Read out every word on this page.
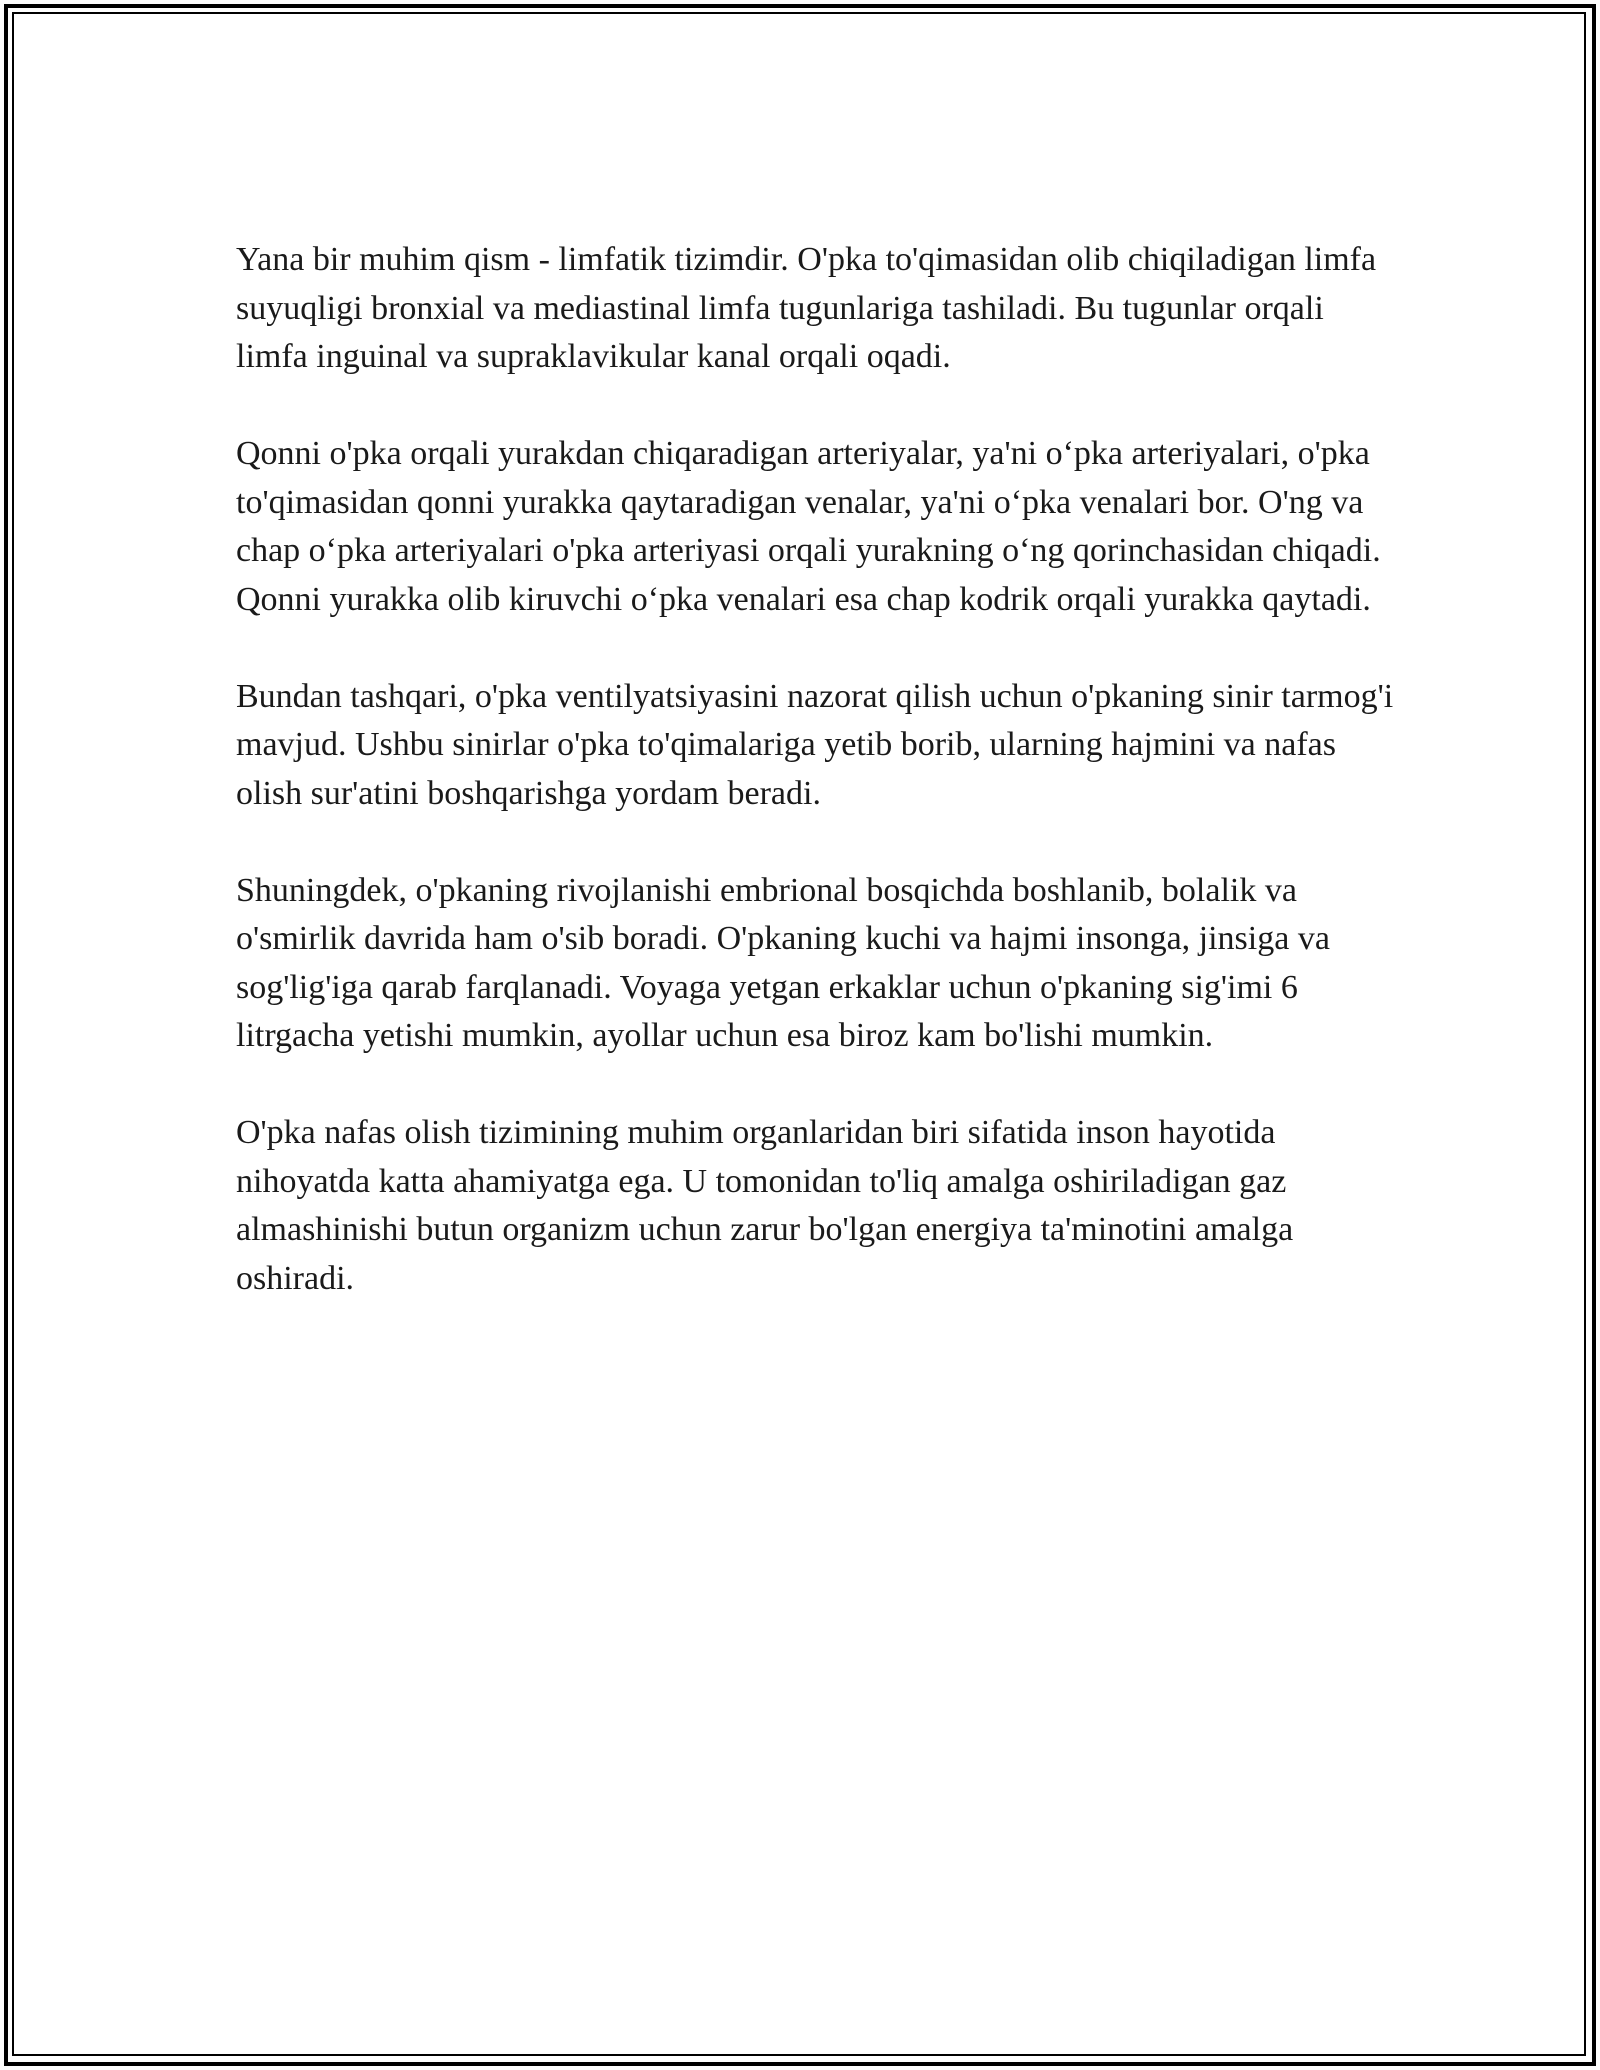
Yana bir muhim qism - limfatik tizimdir. O'pka to'qimasidan olib chiqiladigan limfa suyuqligi bronxial va mediastinal limfa tugunlariga tashiladi. Bu tugunlar orqali limfa inguinal va supraklavikular kanal orqali oqadi.

Qonni o'pka orqali yurakdan chiqaradigan arteriyalar, ya'ni o‘pka arteriyalari, o'pka to'qimasidan qonni yurakka qaytaradigan venalar, ya'ni o‘pka venalari bor. O'ng va chap o‘pka arteriyalari o'pka arteriyasi orqali yurakning o‘ng qorinchasidan chiqadi. Qonni yurakka olib kiruvchi o‘pka venalari esa chap kodrik orqali yurakka qaytadi.

Bundan tashqari, o'pka ventilyatsiyasini nazorat qilish uchun o'pkaning sinir tarmog'i mavjud. Ushbu sinirlar o'pka to'qimalariga yetib borib, ularning hajmini va nafas olish sur'atini boshqarishga yordam beradi.

Shuningdek, o'pkaning rivojlanishi embrional bosqichda boshlanib, bolalik va o'smirlik davrida ham o'sib boradi. O'pkaning kuchi va hajmi insonga, jinsiga va sog'lig'iga qarab farqlanadi. Voyaga yetgan erkaklar uchun o'pkaning sig'imi 6 litrgacha yetishi mumkin, ayollar uchun esa biroz kam bo'lishi mumkin.

O'pka nafas olish tizimining muhim organlaridan biri sifatida inson hayotida nihoyatda katta ahamiyatga ega. U tomonidan to'liq amalga oshiriladigan gaz almashinishi butun organizm uchun zarur bo'lgan energiya ta'minotini amalga oshiradi.
